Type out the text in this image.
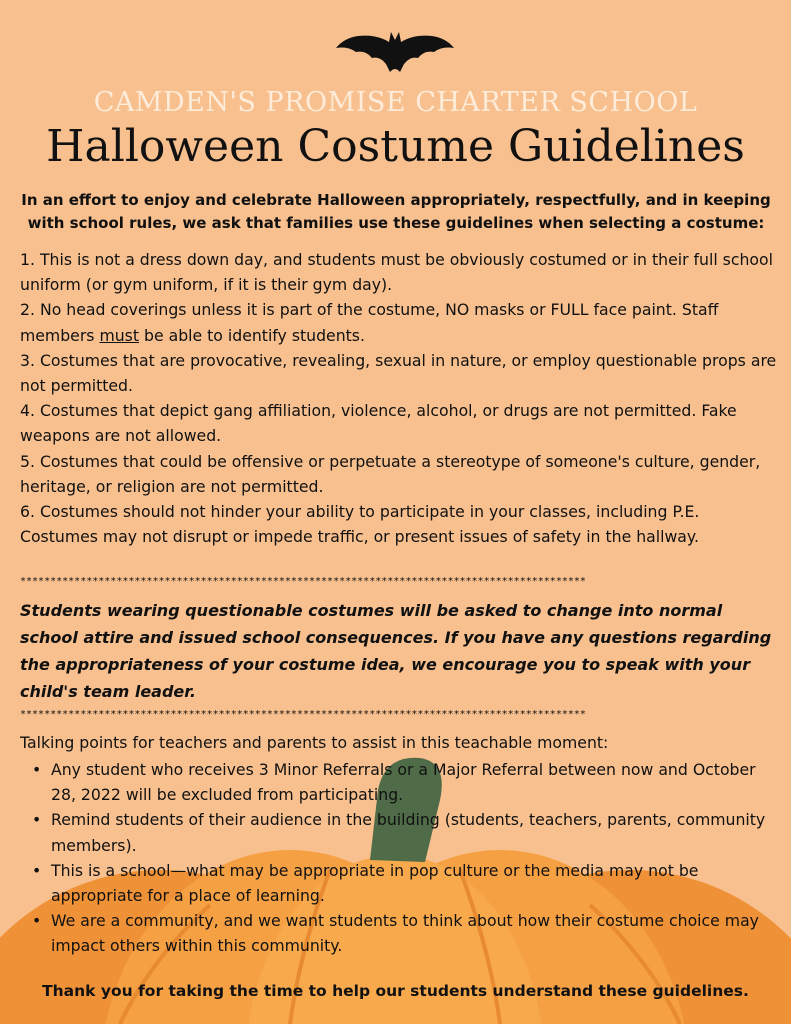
CAMDEN'S PROMISE CHARTER SCHOOL
Halloween Costume Guidelines
In an effort to enjoy and celebrate Halloween appropriately, respectfully, and in keeping with school rules, we ask that families use these guidelines when selecting a costume:

1. This is not a dress down day, and students must be obviously costumed or in their full school uniform (or gym uniform, if it is their gym day).

2. No head coverings unless it is part of the costume, NO masks or FULL face paint. Staff members must be able to identify students.

3. Costumes that are provocative, revealing, sexual in nature, or employ questionable props are not permitted.

4. Costumes that depict gang affiliation, violence, alcohol, or drugs are not permitted. Fake weapons are not allowed.

5. Costumes that could be offensive or perpetuate a stereotype of someone's culture, gender, heritage, or religion are not permitted.

6. Costumes should not hinder your ability to participate in your classes, including P.E. Costumes may not disrupt or impede traffic, or present issues of safety in the hallway.

**********************************************************************************************
Students wearing questionable costumes will be asked to change into normal school attire and issued school consequences. If you have any questions regarding the appropriateness of your costume idea, we encourage you to speak with your child's team leader.
**********************************************************************************************
Talking points for teachers and parents to assist in this teachable moment:
• Any student who receives 3 Minor Referrals or a Major Referral between now and October 28, 2022 will be excluded from participating.
• Remind students of their audience in the building (students, teachers, parents, community members).
• This is a school—what may be appropriate in pop culture or the media may not be appropriate for a place of learning.
• We are a community, and we want students to think about how their costume choice may impact others within this community.
Thank you for taking the time to help our students understand these guidelines.
